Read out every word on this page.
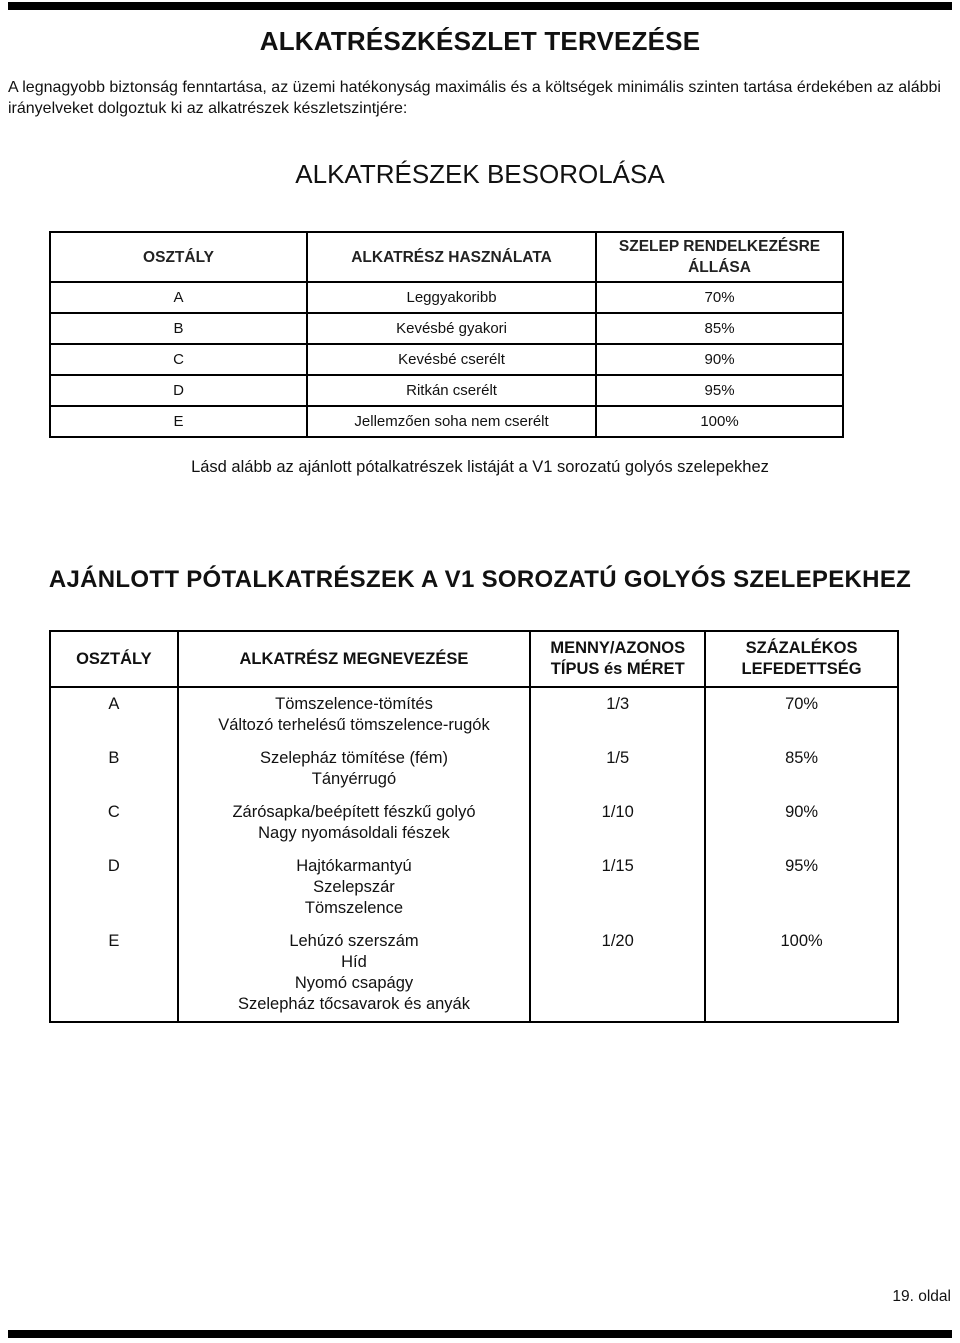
ALKATRÉSZKÉSZLET TERVEZÉSE
A legnagyobb biztonság fenntartása, az üzemi hatékonyság maximális és a költségek minimális szinten tartása érdekében az alábbi irányelveket dolgoztuk ki az alkatrészek készletszintjére:
ALKATRÉSZEK BESOROLÁSA
OSZTÁLY	ALKATRÉSZ HASZNÁLATA	SZELEP RENDELKEZÉSRE ÁLLÁSA
A	Leggyakoribb	70%
B	Kevésbé gyakori	85%
C	Kevésbé cserélt	90%
D	Ritkán cserélt	95%
E	Jellemzően soha nem cserélt	100%
Lásd alább az ajánlott pótalkatrészek listáját a V1 sorozatú golyós szelepekhez
AJÁNLOTT PÓTALKATRÉSZEK A V1 SOROZATÚ GOLYÓS SZELEPEKHEZ
OSZTÁLY	ALKATRÉSZ MEGNEVEZÉSE	MENNY/AZONOS TÍPUS és MÉRET	SZÁZALÉKOS LEFEDETTSÉG

A	Tömszelence-tömítés
Változó terhelésű tömszelence-rugók	1/3	70%

B	Szelepház tömítése (fém)
Tányérrugó	1/5	85%

C	Zárósapka/beépített fészkű golyó
Nagy nyomásoldali fészek	1/10	90%

D	Hajtókarmantyú
Szelepszár
Tömszelence	1/15	95%

E	Lehúzó szerszám
Híd
Nyomó csapágy
Szelepház tőcsavarok és anyák	1/20	100%
19. oldal
